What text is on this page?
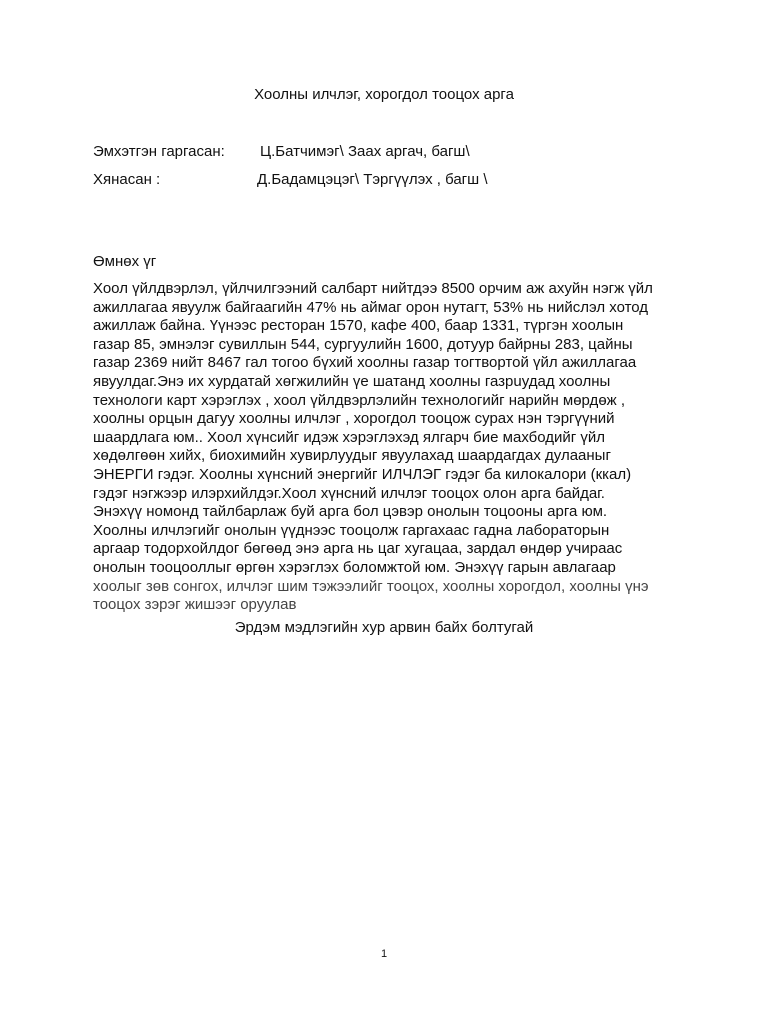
Хоолны илчлэг, хорогдол тооцох арга
Эмхэтгэн гаргасан: Ц.Батчимэг\ Заах аргач, багш\
Хянасан :	Д.Бадамцэцэг\ Тэргүүлэх , багш \
Өмнөх үг
Хоол үйлдвэрлэл, үйлчилгээний салбарт нийтдээ 8500 орчим аж ахуйн нэгж үйл
ажиллагаа явуулж байгаагийн 47% нь аймаг орон нутагт, 53% нь нийслэл хотод
ажиллаж байна. Үүнээс ресторан 1570, кафе 400, баар 1331, түргэн хоолын
газар 85, эмнэлэг сувиллын 544, сургуулийн 1600, дотуур байрны 283, цайны
газар 2369 нийт 8467 гал тогоо бүхий хоолны газар тогтвортой үйл ажиллагаа
явуулдаг.Энэ их хурдатай хөгжилийн үе шатанд хоолны газрuудад хоолны
технологи карт хэрэглэх , хоол үйлдвэрлэлийн технологийг нарийн мөрдөж ,
хоолны орцын дагуу хоолны илчлэг , хорогдол тооцож сурах нэн тэргүүний
шаардлага юм.. Хоол хүнсийг идэж хэрэглэхэд ялгарч бие махбодийг үйл
хөдөлгөөн хийх, биохимийн хувирлуудыг явуулахад шаардагдах дулааныг
ЭНЕРГИ гэдэг. Хоолны хүнсний энергийг ИЛЧЛЭГ гэдэг ба килокалори (ккал)
гэдэг нэгжээр илэрхийлдэг.Хоол хүнсний илчлэг тооцох олон арга байдаг.
Энэхүү номонд тайлбарлаж буй арга бол цэвэр онолын тоцооны арга юм.
Хоолны илчлэгийг онолын үүднээс тооцолж гаргахаас гадна лабораторын
аргаар тодорхойлдог бөгөөд энэ арга нь цаг хугацаа, зардал өндөр учираас
онолын тооцооллыг өргөн хэрэглэх боломжтой юм. Энэхүү гарын авлагаар
хоолыг зөв сонгох, илчлэг шим тэжээлийг тооцох, хоолны хорогдол, хоолны үнэ
тооцох зэрэг жишээг оруулав
Эрдэм мэдлэгийн хур арвин байх болтугай
1
